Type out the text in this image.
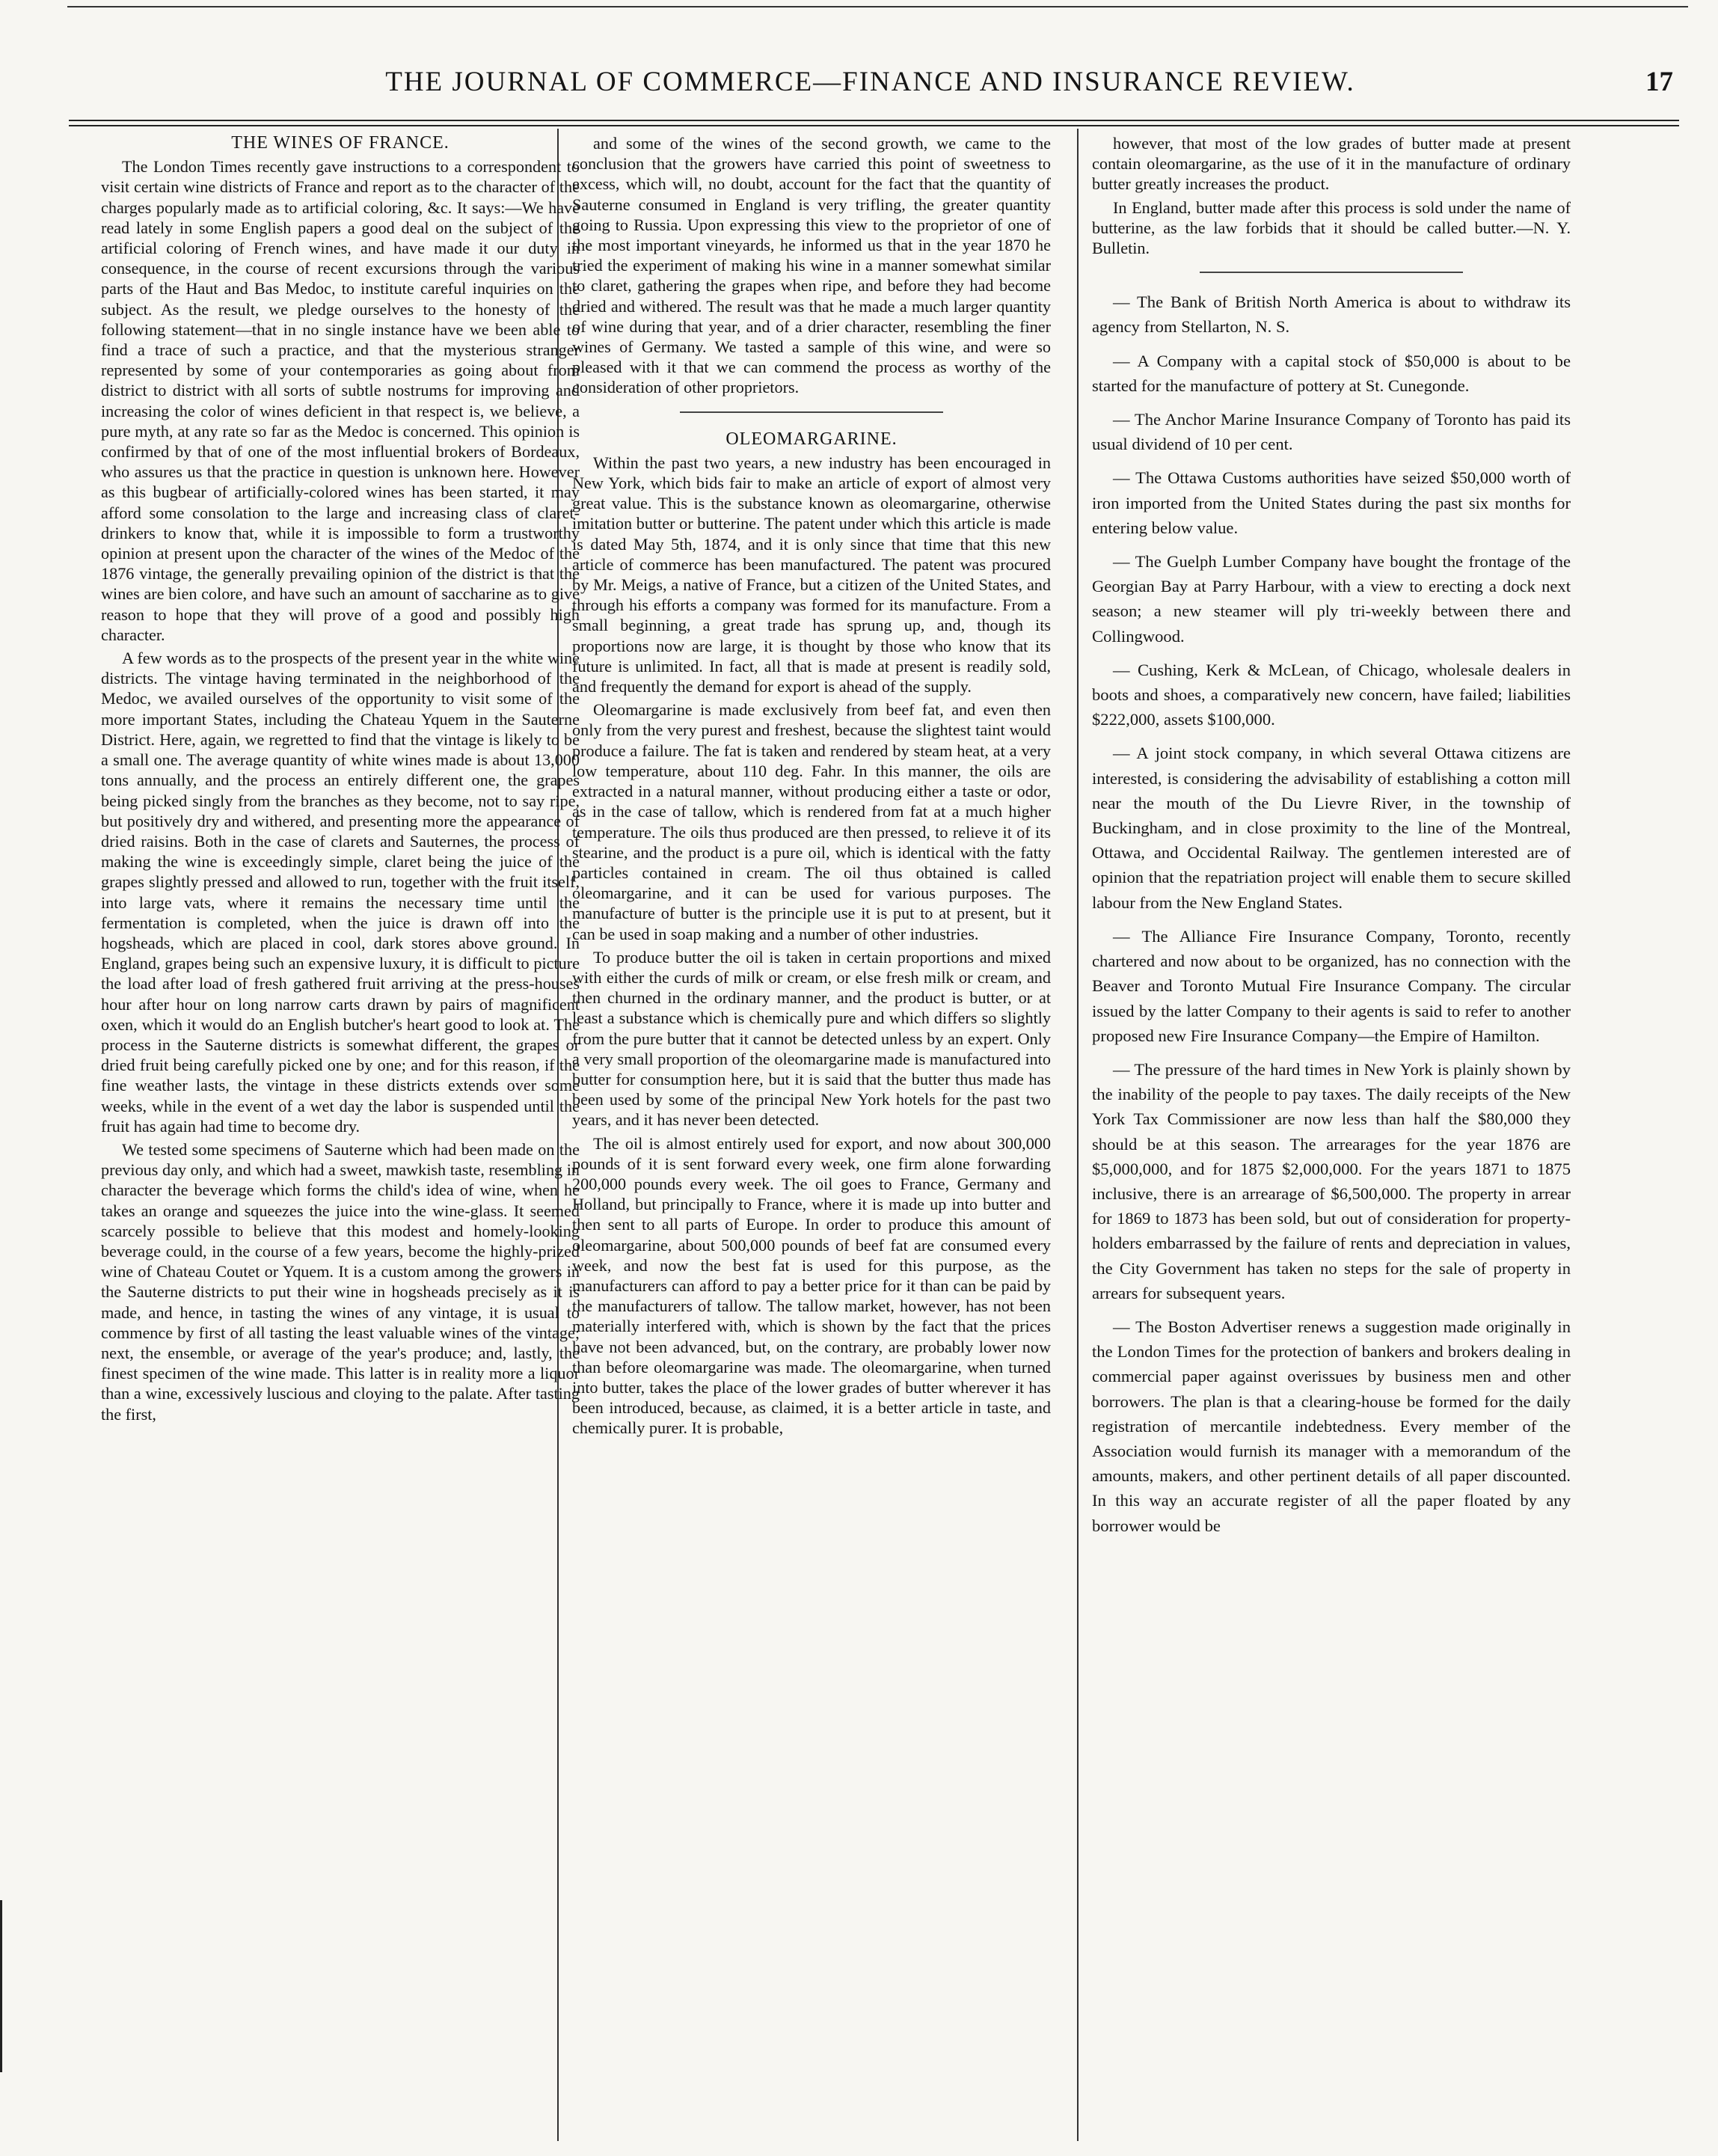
THE JOURNAL OF COMMERCE—FINANCE AND INSURANCE REVIEW.	17

THE WINES OF FRANCE.

The London Times recently gave instructions to a correspondent to visit certain wine districts of France and report as to the character of the charges popularly made as to artificial coloring, &c. It says:—We have read lately in some English papers a good deal on the subject of the artificial coloring of French wines, and have made it our duty in consequence, in the course of recent excursions through the various parts of the Haut and Bas Medoc, to institute careful inquiries on the subject. As the result, we pledge ourselves to the honesty of the following statement—that in no single instance have we been able to find a trace of such a practice, and that the mysterious stranger represented by some of your contemporaries as going about from district to district with all sorts of subtle nostrums for improving and increasing the color of wines deficient in that respect is, we believe, a pure myth, at any rate so far as the Medoc is concerned. This opinion is confirmed by that of one of the most influential brokers of Bordeaux, who assures us that the practice in question is unknown here. However as this bugbear of artificially-colored wines has been started, it may afford some consolation to the large and increasing class of claret-drinkers to know that, while it is impossible to form a trustworthy opinion at present upon the character of the wines of the Medoc of the 1876 vintage, the generally prevailing opinion of the district is that the wines are bien colore, and have such an amount of saccharine as to give reason to hope that they will prove of a good and possibly high character.

A few words as to the prospects of the present year in the white wine districts. The vintage having terminated in the neighborhood of the Medoc, we availed ourselves of the opportunity to visit some of the more important States, including the Chateau Yquem in the Sauterne District. Here, again, we regretted to find that the vintage is likely to be a small one. The average quantity of white wines made is about 13,000 tons annually, and the process an entirely different one, the grapes being picked singly from the branches as they become, not to say ripe, but positively dry and withered, and presenting more the appearance of dried raisins. Both in the case of clarets and Sauternes, the process of making the wine is exceedingly simple, claret being the juice of the grapes slightly pressed and allowed to run, together with the fruit itself, into large vats, where it remains the necessary time until the fermentation is completed, when the juice is drawn off into the hogsheads, which are placed in cool, dark stores above ground. In England, grapes being such an expensive luxury, it is difficult to picture the load after load of fresh gathered fruit arriving at the press-houses hour after hour on long narrow carts drawn by pairs of magnificent oxen, which it would do an English butcher's heart good to look at. The process in the Sauterne districts is somewhat different, the grapes or dried fruit being carefully picked one by one; and for this reason, if the fine weather lasts, the vintage in these districts extends over some weeks, while in the event of a wet day the labor is suspended until the fruit has again had time to become dry.

We tested some specimens of Sauterne which had been made on the previous day only, and which had a sweet, mawkish taste, resembling in character the beverage which forms the child's idea of wine, when he takes an orange and squeezes the juice into the wine-glass. It seemed scarcely possible to believe that this modest and homely-looking beverage could, in the course of a few years, become the highly-prized wine of Chateau Coutet or Yquem. It is a custom among the growers in the Sauterne districts to put their wine in hogsheads precisely as it is made, and hence, in tasting the wines of any vintage, it is usual to commence by first of all tasting the least valuable wines of the vintage; next, the ensemble, or average of the year's produce; and, lastly, the finest specimen of the wine made. This latter is in reality more a liquor than a wine, excessively luscious and cloying to the palate. After tasting the first,

and some of the wines of the second growth, we came to the conclusion that the growers have carried this point of sweetness to excess, which will, no doubt, account for the fact that the quantity of Sauterne consumed in England is very trifling, the greater quantity going to Russia. Upon expressing this view to the proprietor of one of the most important vineyards, he informed us that in the year 1870 he tried the experiment of making his wine in a manner somewhat similar to claret, gathering the grapes when ripe, and before they had become dried and withered. The result was that he made a much larger quantity of wine during that year, and of a drier character, resembling the finer wines of Germany. We tasted a sample of this wine, and were so pleased with it that we can commend the process as worthy of the consideration of other proprietors.

OLEOMARGARINE.

Within the past two years, a new industry has been encouraged in New York, which bids fair to make an article of export of almost very great value. This is the substance known as oleomargarine, otherwise imitation butter or butterine. The patent under which this article is made is dated May 5th, 1874, and it is only since that time that this new article of commerce has been manufactured. The patent was procured by Mr. Meigs, a native of France, but a citizen of the United States, and through his efforts a company was formed for its manufacture. From a small beginning, a great trade has sprung up, and, though its proportions now are large, it is thought by those who know that its future is unlimited. In fact, all that is made at present is readily sold, and frequently the demand for export is ahead of the supply.

Oleomargarine is made exclusively from beef fat, and even then only from the very purest and freshest, because the slightest taint would produce a failure. The fat is taken and rendered by steam heat, at a very low temperature, about 110 deg. Fahr. In this manner, the oils are extracted in a natural manner, without producing either a taste or odor, as in the case of tallow, which is rendered from fat at a much higher temperature. The oils thus produced are then pressed, to relieve it of its stearine, and the product is a pure oil, which is identical with the fatty particles contained in cream. The oil thus obtained is called oleomargarine, and it can be used for various purposes. The manufacture of butter is the principle use it is put to at present, but it can be used in soap making and a number of other industries.

To produce butter the oil is taken in certain proportions and mixed with either the curds of milk or cream, or else fresh milk or cream, and then churned in the ordinary manner, and the product is butter, or at least a substance which is chemically pure and which differs so slightly from the pure butter that it cannot be detected unless by an expert. Only a very small proportion of the oleomargarine made is manufactured into butter for consumption here, but it is said that the butter thus made has been used by some of the principal New York hotels for the past two years, and it has never been detected.

The oil is almost entirely used for export, and now about 300,000 pounds of it is sent forward every week, one firm alone forwarding 200,000 pounds every week. The oil goes to France, Germany and Holland, but principally to France, where it is made up into butter and then sent to all parts of Europe. In order to produce this amount of oleomargarine, about 500,000 pounds of beef fat are consumed every week, and now the best fat is used for this purpose, as the manufacturers can afford to pay a better price for it than can be paid by the manufacturers of tallow. The tallow market, however, has not been materially interfered with, which is shown by the fact that the prices have not been advanced, but, on the contrary, are probably lower now than before oleomargarine was made. The oleomargarine, when turned into butter, takes the place of the lower grades of butter wherever it has been introduced, because, as claimed, it is a better article in taste, and chemically purer. It is probable,

however, that most of the low grades of butter made at present contain oleomargarine, as the use of it in the manufacture of ordinary butter greatly increases the product.

In England, butter made after this process is sold under the name of butterine, as the law forbids that it should be called butter.—N. Y. Bulletin.

— The Bank of British North America is about to withdraw its agency from Stellarton, N. S.

— A Company with a capital stock of $50,000 is about to be started for the manufacture of pottery at St. Cunegonde.

— The Anchor Marine Insurance Company of Toronto has paid its usual dividend of 10 per cent.

— The Ottawa Customs authorities have seized $50,000 worth of iron imported from the United States during the past six months for entering below value.

— The Guelph Lumber Company have bought the frontage of the Georgian Bay at Parry Harbour, with a view to erecting a dock next season; a new steamer will ply tri-weekly between there and Collingwood.

— Cushing, Kerk & McLean, of Chicago, wholesale dealers in boots and shoes, a comparatively new concern, have failed; liabilities $222,000, assets $100,000.

— A joint stock company, in which several Ottawa citizens are interested, is considering the advisability of establishing a cotton mill near the mouth of the Du Lievre River, in the township of Buckingham, and in close proximity to the line of the Montreal, Ottawa, and Occidental Railway. The gentlemen interested are of opinion that the repatriation project will enable them to secure skilled labour from the New England States.

— The Alliance Fire Insurance Company, Toronto, recently chartered and now about to be organized, has no connection with the Beaver and Toronto Mutual Fire Insurance Company. The circular issued by the latter Company to their agents is said to refer to another proposed new Fire Insurance Company—the Empire of Hamilton.

— The pressure of the hard times in New York is plainly shown by the inability of the people to pay taxes. The daily receipts of the New York Tax Commissioner are now less than half the $80,000 they should be at this season. The arrearages for the year 1876 are $5,000,000, and for 1875 $2,000,000. For the years 1871 to 1875 inclusive, there is an arrearage of $6,500,000. The property in arrear for 1869 to 1873 has been sold, but out of consideration for property-holders embarrassed by the failure of rents and depreciation in values, the City Government has taken no steps for the sale of property in arrears for subsequent years.

— The Boston Advertiser renews a suggestion made originally in the London Times for the protection of bankers and brokers dealing in commercial paper against overissues by business men and other borrowers. The plan is that a clearing-house be formed for the daily registration of mercantile indebtedness. Every member of the Association would furnish its manager with a memorandum of the amounts, makers, and other pertinent details of all paper discounted. In this way an accurate register of all the paper floated by any borrower would be
